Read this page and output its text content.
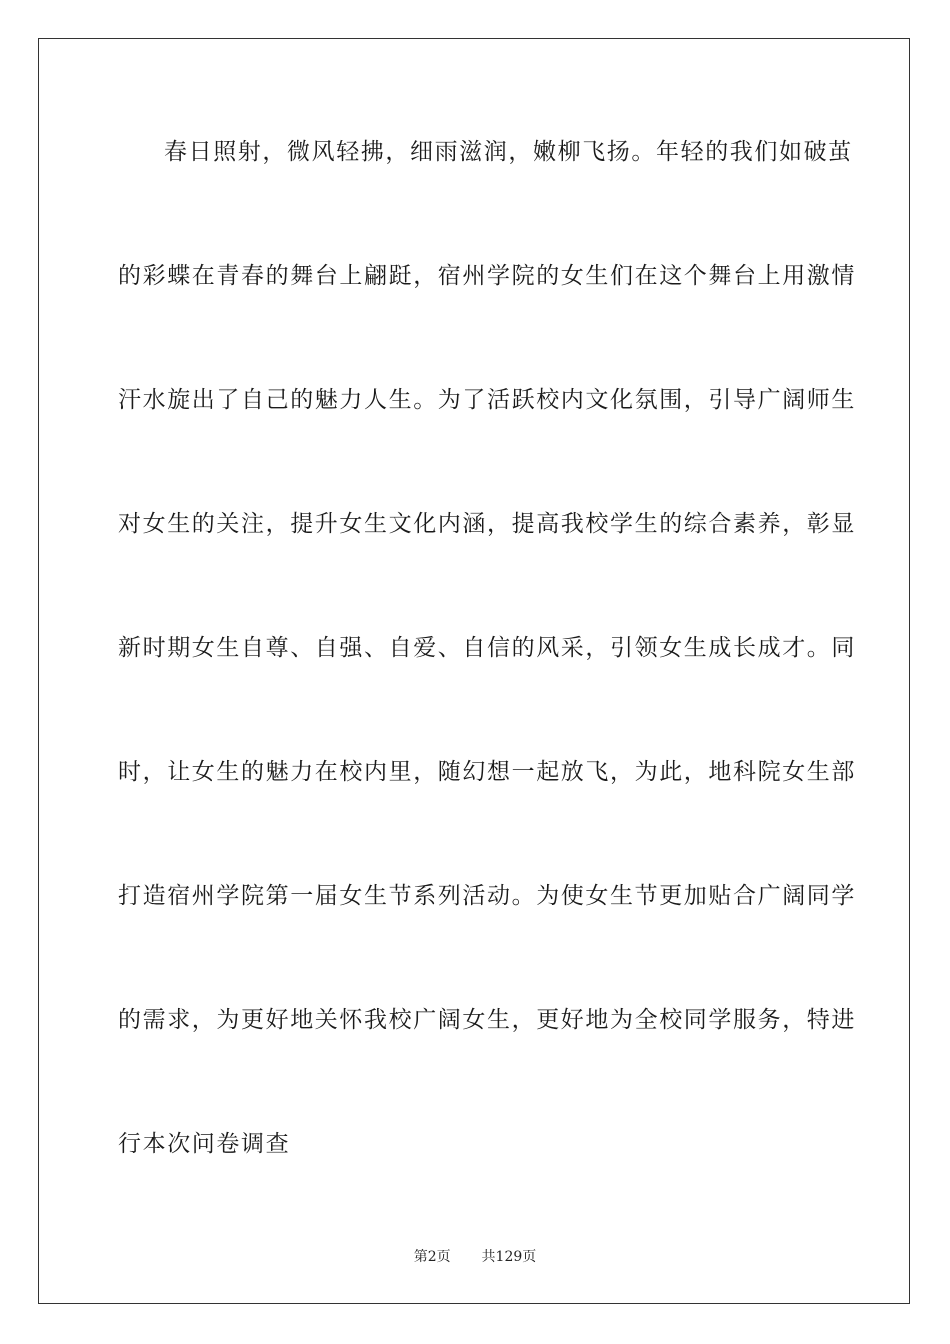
春日照射，微风轻拂，细雨滋润，嫩柳飞扬。年轻的我们如破茧
的彩蝶在青春的舞台上翩跹，宿州学院的女生们在这个舞台上用激情
汗水旋出了自己的魅力人生。为了活跃校内文化氛围，引导广阔师生
对女生的关注，提升女生文化内涵，提高我校学生的综合素养，彰显
新时期女生自尊、自强、自爱、自信的风采，引领女生成长成才。同
时，让女生的魅力在校内里，随幻想一起放飞，为此，地科院女生部
打造宿州学院第一届女生节系列活动。为使女生节更加贴合广阔同学
的需求，为更好地关怀我校广阔女生，更好地为全校同学服务，特进
行本次问卷调查
第2页 共129页
